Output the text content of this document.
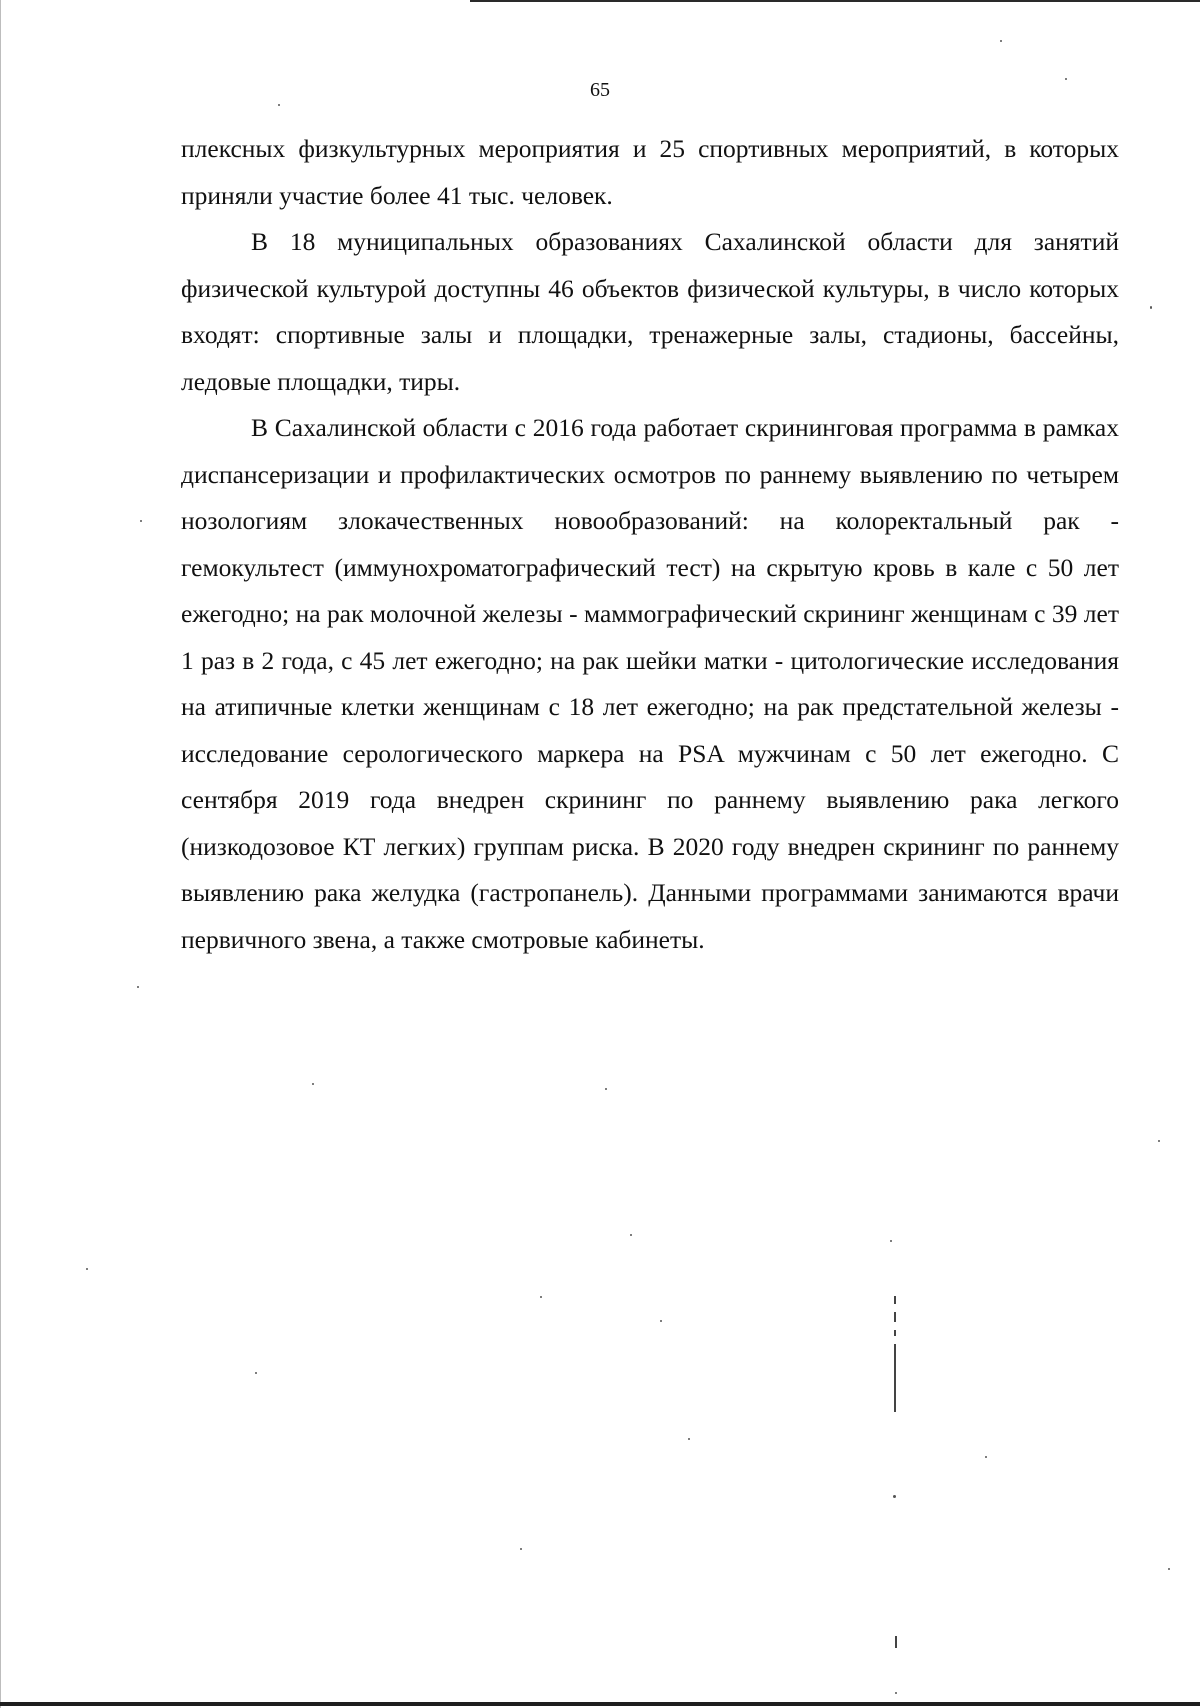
65

плексных физкультурных мероприятия и 25 спортивных мероприятий, в которых приняли участие более 41 тыс. человек.

В 18 муниципальных образованиях Сахалинской области для занятий физической культурой доступны 46 объектов физической культуры, в число которых входят: спортивные залы и площадки, тренажерные залы, стадионы, бассейны, ледовые площадки, тиры.

В Сахалинской области с 2016 года работает скрининговая программа в рамках диспансеризации и профилактических осмотров по раннему выявлению по четырем нозологиям злокачественных новообразований: на колоректальный рак - гемокультест (иммунохроматографический тест) на скрытую кровь в кале с 50 лет ежегодно; на рак молочной железы - маммографический скрининг женщинам с 39 лет 1 раз в 2 года, с 45 лет ежегодно; на рак шейки матки - цитологические исследования на атипичные клетки женщинам с 18 лет ежегодно; на рак предстательной железы - исследование серологического маркера на PSA мужчинам с 50 лет ежегодно. С сентября 2019 года внедрен скрининг по раннему выявлению рака легкого (низкодозовое КТ легких) группам риска. В 2020 году внедрен скрининг по раннему выявлению рака желудка (гастропанель). Данными программами занимаются врачи первичного звена, а также смотровые кабинеты.
